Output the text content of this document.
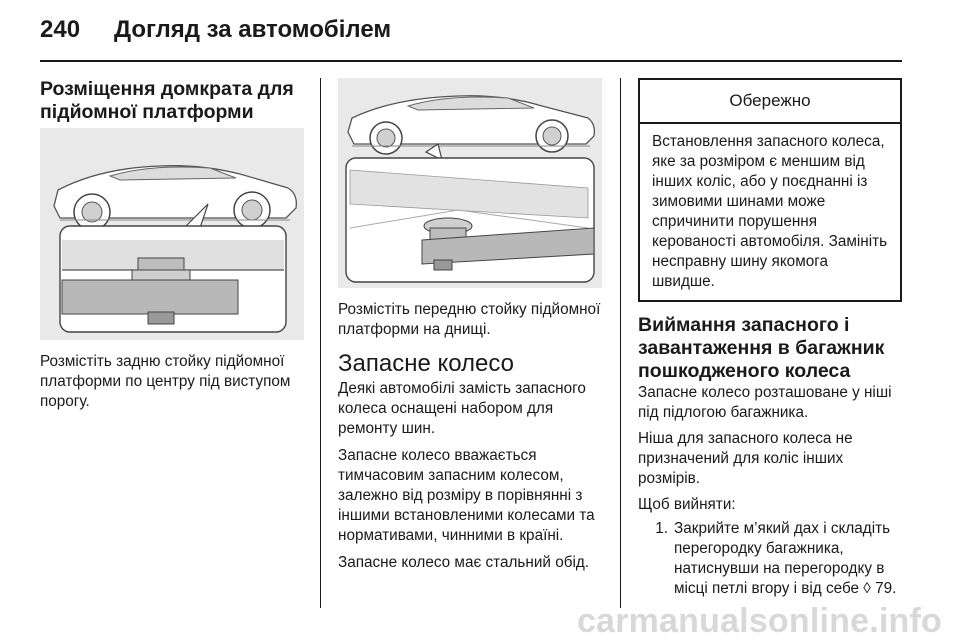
240 Догляд за автомобілем
Розміщення домкрата для підйомної платформи

Розмістіть задню стойку підйомної платформи по центру під виступом порогу.

Розмістіть передню стойку підйомної платформи на днищі.

Запасне колесо

Деякі автомобілі замість запасного колеса оснащені набором для ремонту шин.

Запасне колесо вважається тимчасовим запасним колесом, залежно від розміру в порівнянні з іншими встановленими колесами та нормативами, чинними в країні.

Запасне колесо має стальний обід.

Обережно

Встановлення запасного колеса, яке за розміром є меншим від інших коліс, або у поєднанні із зимовими шинами може спричинити порушення керованості автомобіля. Замініть несправну шину якомога швидше.

Виймання запасного і завантаження в багажник пошкодженого колеса

Запасне колесо розташоване у ніші під підлогою багажника.

Ніша для запасного колеса не призначений для коліс інших розмірів.

Щоб вийняти:

1. Закрийте м’який дах і складіть перегородку багажника, натиснувши на перегородку в місці петлі вгору і від себе ◊ 79.

carmanualsonline.info
